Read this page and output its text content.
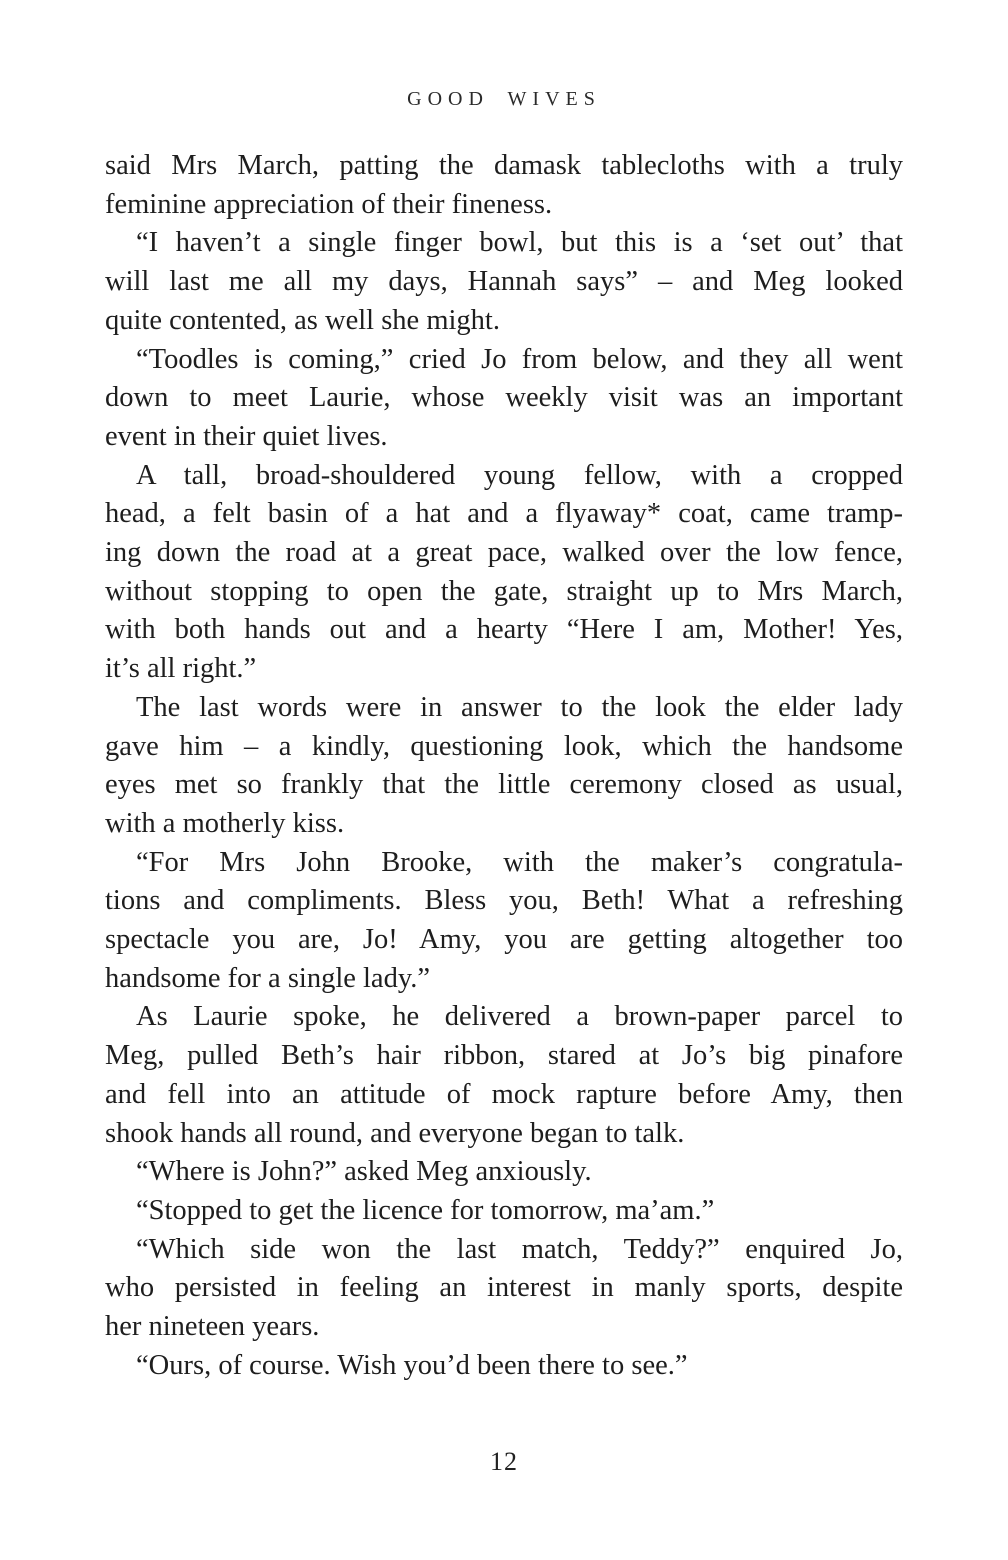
GOOD WIVES
said Mrs March, patting the damask tablecloths with a truly
feminine appreciation of their fineness.
“I haven’t a single finger bowl, but this is a ‘set out’ that
will last me all my days, Hannah says” – and Meg looked
quite contented, as well she might.
“Toodles is coming,” cried Jo from below, and they all went
down to meet Laurie, whose weekly visit was an important
event in their quiet lives.
A tall, broad-shouldered young fellow, with a cropped
head, a felt basin of a hat and a flyaway* coat, came tramp-
ing down the road at a great pace, walked over the low fence,
without stopping to open the gate, straight up to Mrs March,
with both hands out and a hearty “Here I am, Mother! Yes,
it’s all right.”
The last words were in answer to the look the elder lady
gave him – a kindly, questioning look, which the handsome
eyes met so frankly that the little ceremony closed as usual,
with a motherly kiss.
“For Mrs John Brooke, with the maker’s congratula-
tions and compliments. Bless you, Beth! What a refreshing
spectacle you are, Jo! Amy, you are getting altogether too
handsome for a single lady.”
As Laurie spoke, he delivered a brown-paper parcel to
Meg, pulled Beth’s hair ribbon, stared at Jo’s big pinafore
and fell into an attitude of mock rapture before Amy, then
shook hands all round, and everyone began to talk.
“Where is John?” asked Meg anxiously.
“Stopped to get the licence for tomorrow, ma’am.”
“Which side won the last match, Teddy?” enquired Jo,
who persisted in feeling an interest in manly sports, despite
her nineteen years.
“Ours, of course. Wish you’d been there to see.”
12
